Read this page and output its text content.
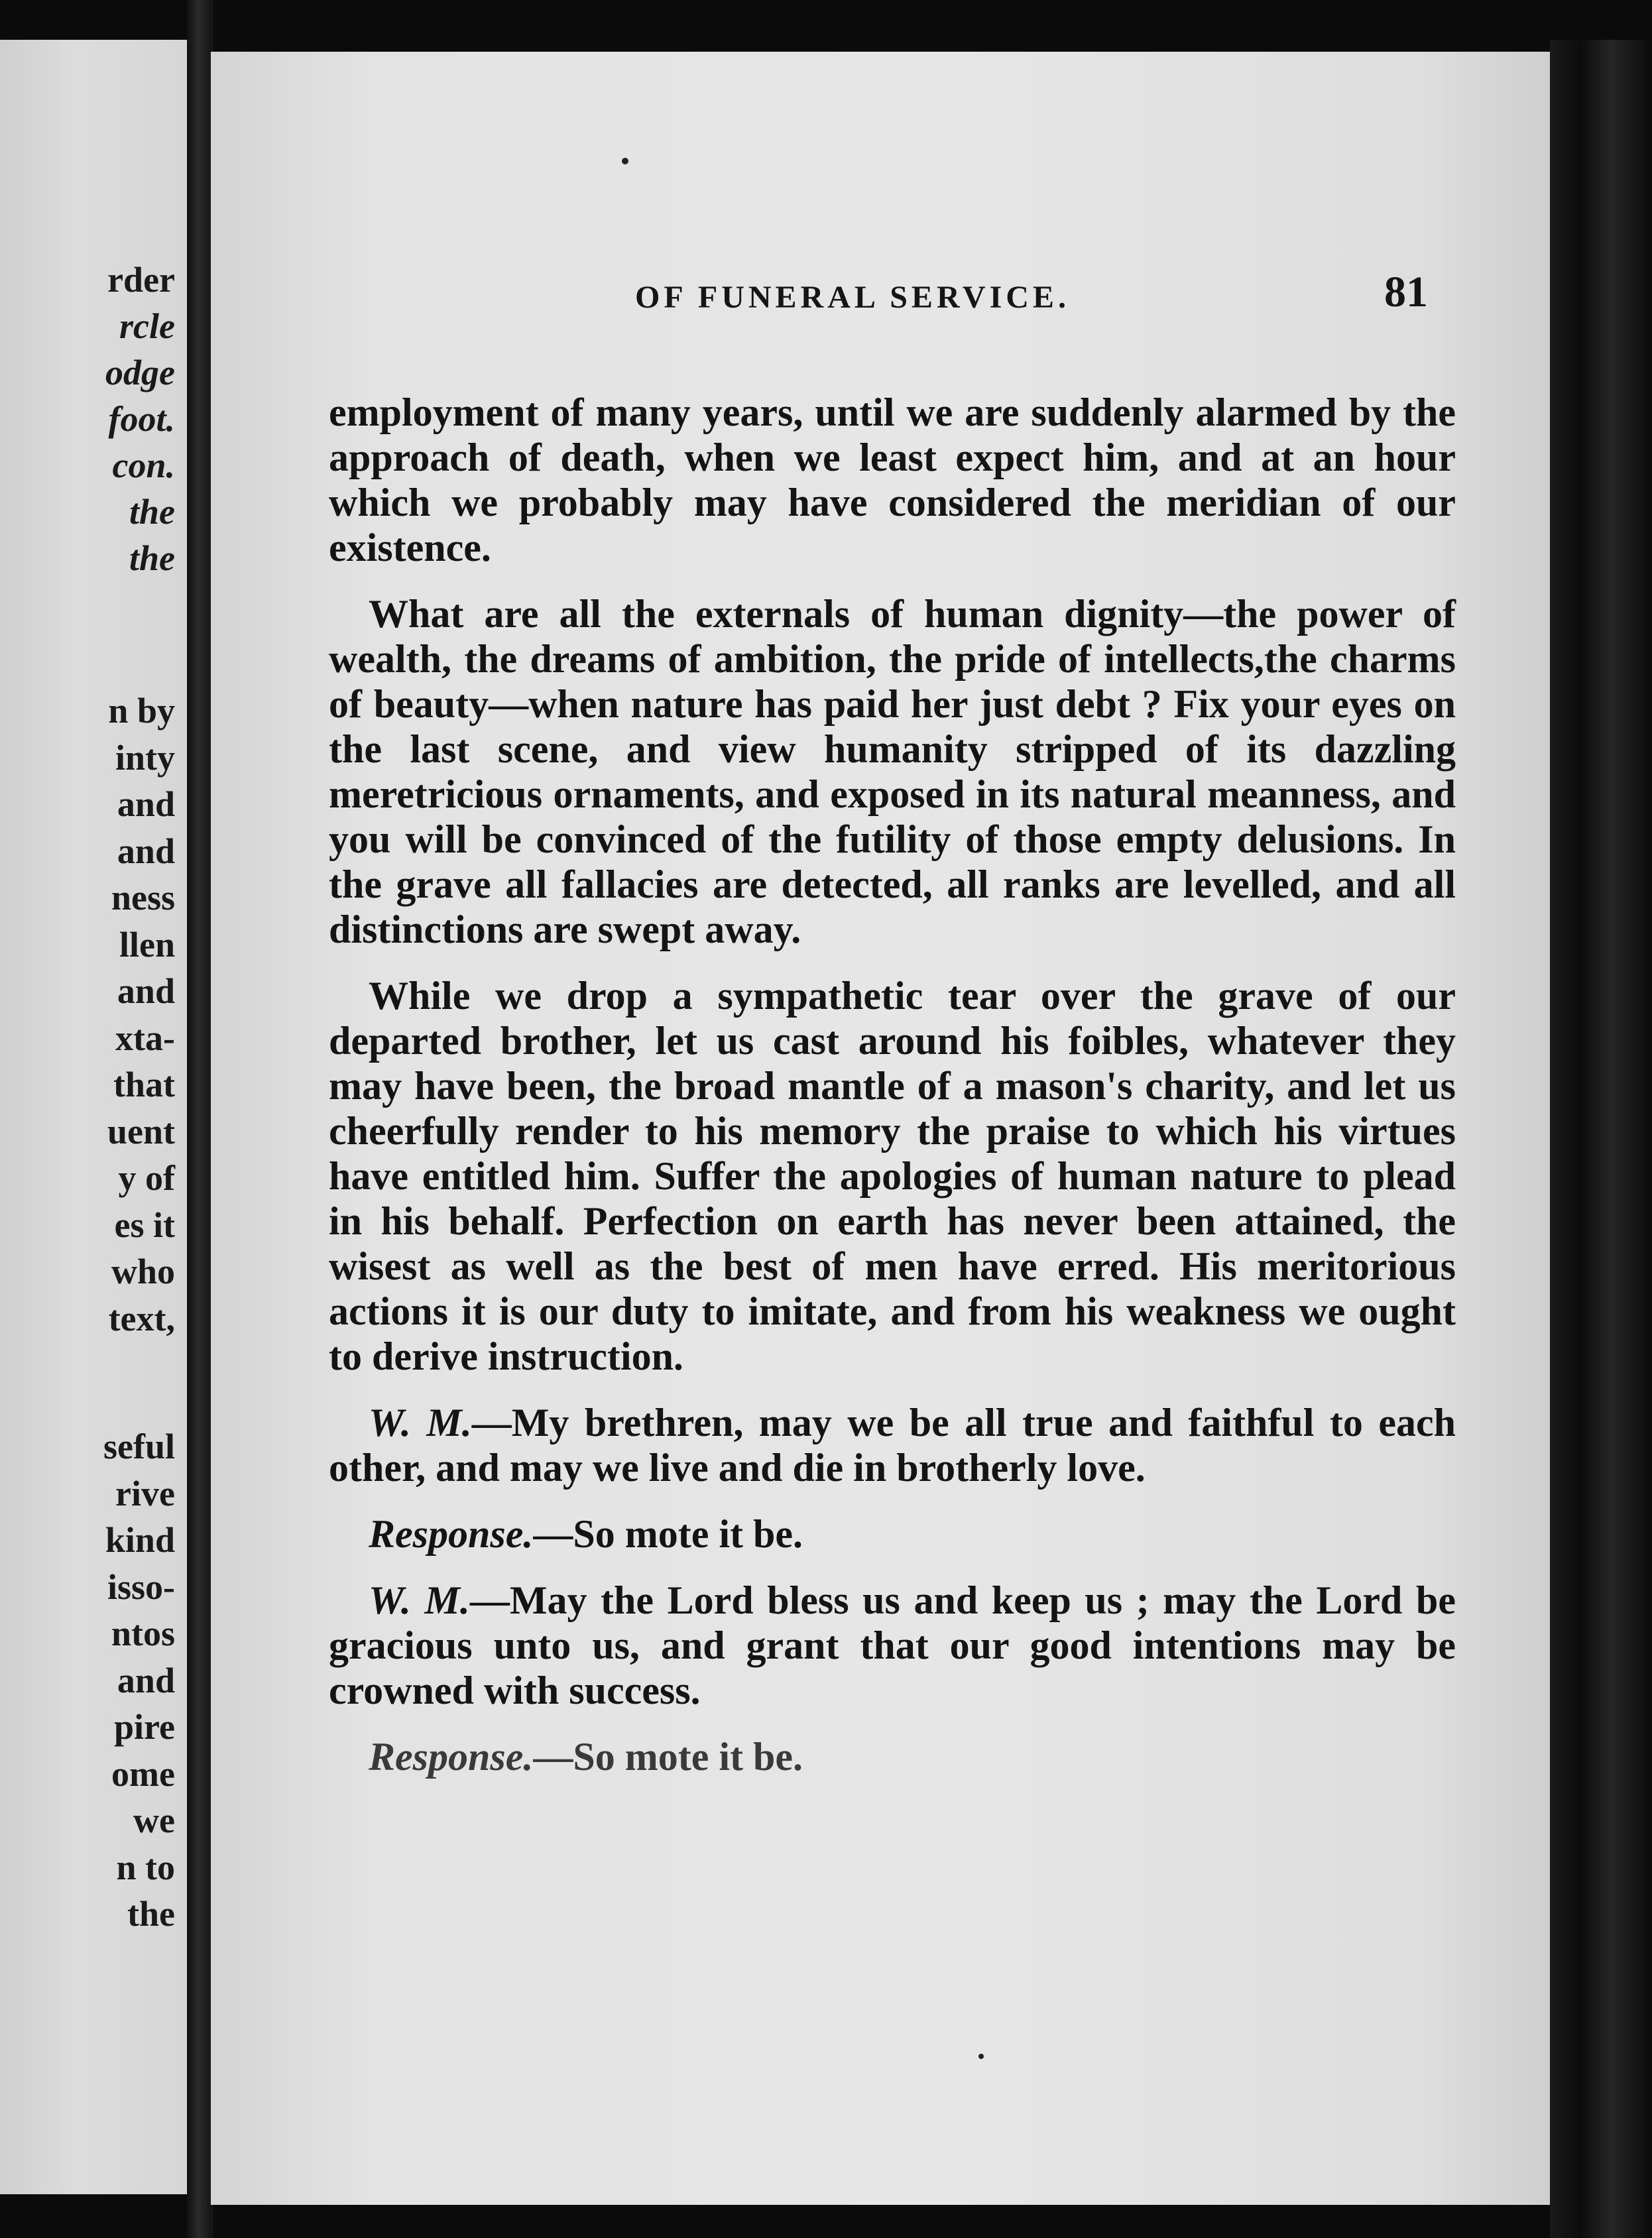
rder
rcle
odge
foot.
con.
the
the
n by
inty
and
and
ness
llen
and
xta-
that
uent
y of
es it
who
text,
seful
rive
kind
isso-
ntos
and
pire
ome
we
n to
the
OF FUNERAL SERVICE.	81

employment of many years, until we are suddenly alarmed by the approach of death, when we least expect him, and at an hour which we probably may have considered the meridian of our existence.

What are all the externals of human dignity—the power of wealth, the dreams of ambition, the pride of intellects,the charms of beauty—when nature has paid her just debt ? Fix your eyes on the last scene, and view humanity stripped of its dazzling meretricious ornaments, and exposed in its natural meanness, and you will be convinced of the futility of those empty delusions. In the grave all fallacies are detected, all ranks are levelled, and all distinctions are swept away.

While we drop a sympathetic tear over the grave of our departed brother, let us cast around his foibles, whatever they may have been, the broad mantle of a mason's charity, and let us cheerfully render to his memory the praise to which his virtues have entitled him. Suffer the apologies of human nature to plead in his behalf. Perfection on earth has never been attained, the wisest as well as the best of men have erred. His meritorious actions it is our duty to imitate, and from his weakness we ought to derive instruction.

W. M.—My brethren, may we be all true and faithful to each other, and may we live and die in brotherly love.

Response.—So mote it be.

W. M.—May the Lord bless us and keep us ; may the Lord be gracious unto us, and grant that our good intentions may be crowned with success.

Response.—So mote it be.
